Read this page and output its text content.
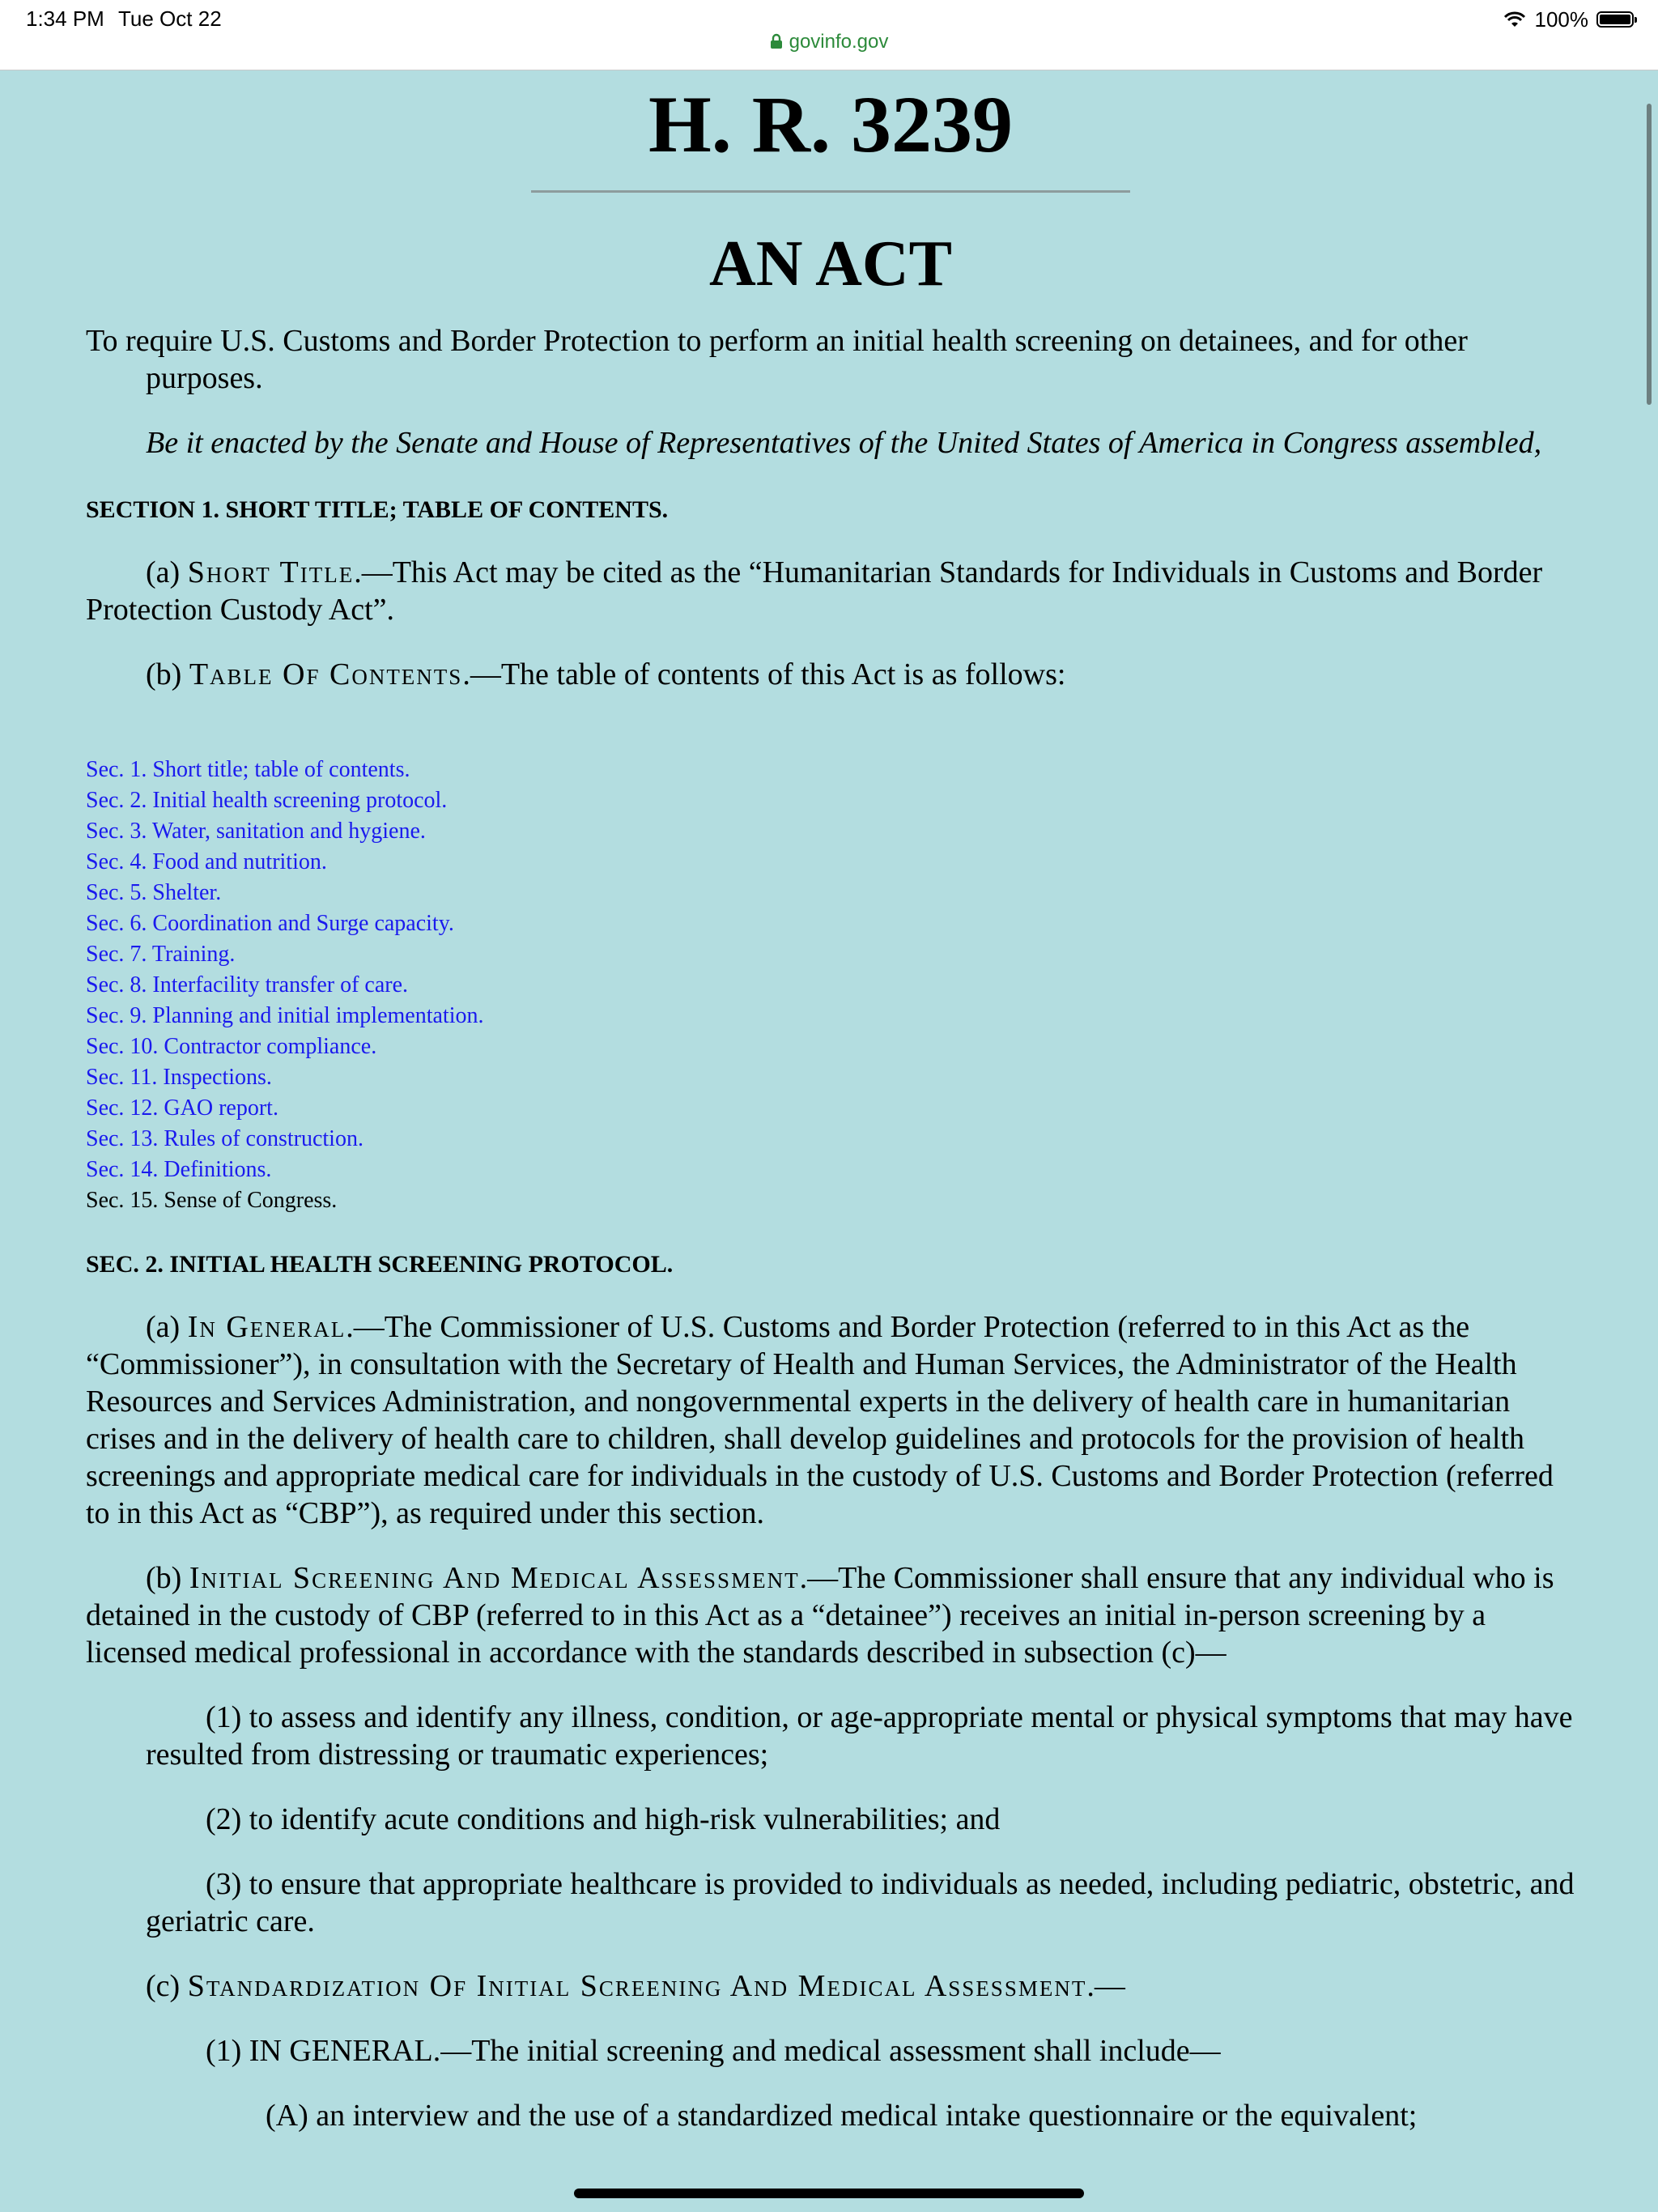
1:34 PM Tue Oct 22	100%
govinfo.gov
H. R. 3239
AN ACT

To require U.S. Customs and Border Protection to perform an initial health screening on detainees, and for other purposes.

Be it enacted by the Senate and House of Representatives of the United States of America in Congress assembled,

SECTION 1. SHORT TITLE; TABLE OF CONTENTS.

(a) Short Title.—This Act may be cited as the “Humanitarian Standards for Individuals in Customs and Border Protection Custody Act”.

(b) Table Of Contents.—The table of contents of this Act is as follows:

Sec. 1. Short title; table of contents.
Sec. 2. Initial health screening protocol.
Sec. 3. Water, sanitation and hygiene.
Sec. 4. Food and nutrition.
Sec. 5. Shelter.
Sec. 6. Coordination and Surge capacity.
Sec. 7. Training.
Sec. 8. Interfacility transfer of care.
Sec. 9. Planning and initial implementation.
Sec. 10. Contractor compliance.
Sec. 11. Inspections.
Sec. 12. GAO report.
Sec. 13. Rules of construction.
Sec. 14. Definitions.
Sec. 15. Sense of Congress.
SEC. 2. INITIAL HEALTH SCREENING PROTOCOL.

(a) In General.—The Commissioner of U.S. Customs and Border Protection (referred to in this Act as the “Commissioner”), in consultation with the Secretary of Health and Human Services, the Administrator of the Health Resources and Services Administration, and nongovernmental experts in the delivery of health care in humanitarian crises and in the delivery of health care to children, shall develop guidelines and protocols for the provision of health screenings and appropriate medical care for individuals in the custody of U.S. Customs and Border Protection (referred to in this Act as “CBP”), as required under this section.

(b) Initial Screening And Medical Assessment.—The Commissioner shall ensure that any individual who is detained in the custody of CBP (referred to in this Act as a “detainee”) receives an initial in-person screening by a licensed medical professional in accordance with the standards described in subsection (c)—

(1) to assess and identify any illness, condition, or age-appropriate mental or physical symptoms that may have resulted from distressing or traumatic experiences;

(2) to identify acute conditions and high-risk vulnerabilities; and

(3) to ensure that appropriate healthcare is provided to individuals as needed, including pediatric, obstetric, and geriatric care.

(c) Standardization Of Initial Screening And Medical Assessment.—

(1) IN GENERAL.—The initial screening and medical assessment shall include—

(A) an interview and the use of a standardized medical intake questionnaire or the equivalent;
